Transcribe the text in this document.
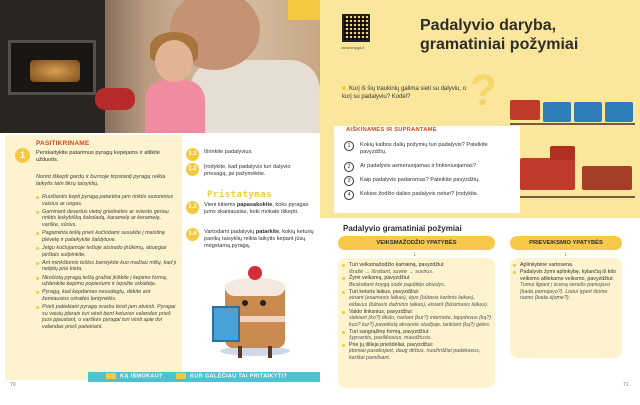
1
PASITIKRINAME
Perskaitykite patarimus pyragų kepėjams ir atlikite užduotis.
Norint iškepti gardų ir burnoje tirpstantį pyragą reikia laikytis tam tikrų taisyklių.
Ruošiantis kepti pyragą patartina jam rinktis sezoninius vaisius ar uogas.
Gaminant desertus vietoj grietinėlės ar sviesto geriau rinktis kokybišką šokoladą, karamelę ar keramelę, varške, sūrius.
Pagaminta tešlą prieš kočiodami susukite į maistinę plėvelę ir palaikykite šaldytuve.
Jeigu kočiojamoje tešloje atsirado įtrūkimų, atsargiai pirštais sulipinkite.
Ant minkštomis tešlos barstykite kuo mažiau miltų, kad ji neliptų prie kieta.
Nkočiotą pyragą tešlą gražiai įkiškite į kepimo formą, uždenkite kepimo popieriumi ir lepslite orkaitėje.
Pyragą, kad kepdamas nesudegtų, dėkite ant žemiausios orkaitės lentynėlės.
Prieš patiekiant pyragą svarbu leisti jam atvėsti. Pyragai su vaisių įdarais turi vėsti bent keturias valandas prieš juos pjaustant, o varškės pyragai turi vėsti apie dvi valandas prieš patiekiant.
1.1	Išrinkite padalyvius.
1.2	Įrodykite, kad padalyvis turi dalyvio priesagą, jai pažymėkite.
1.3	Vieni kitiems papasakokite, koks pyragas jums skaniausias, koki mokate iškepti.
1.4	Vartodami padalyvių patarkite, kokių keturių panikų taisyklių reikia laikytis kepant jūsų mėgstamą pyragą.
Pristatymas
KĄ IŠMOKAU?	KUR GALĖČIAU TAI PRITAIKYTI?
70
www.knyga.lt
Padalyvio daryba,
gramatiniai požymiai
?
Kurį iš šių traukinių galima sieti su dalyviu, o kurį su padalyviu? Kodėl?
AIŠKINAMĖS IR SUPRANTAME
1	Kokių kalbos dalių požymių turi padalyvis? Pateikite pavyzdžių.
2	Ar padalyvis asmenuojamas ir linksniuojamas?
3	Kaip padalyvis padaromas? Pateikite pavyzdžių.
4	Kokios žodžio dalies padalyvis neturi? Įrodykite.
Padalyvio gramatiniai požymiai
VEIKSMAŽODŽIO YPATYBĖS
↓
Turi veiksmažodžio kamieną, pavyzdžiui:
išrašė → išrašant, suvirė → suvirus.
Žymi veiksmą, pavyzdžiui:
Beskaitant knygą sode papūtėjo obuolys.
Turi keturis laikus, pavyzdžiui:
einant (esamasis laikas), ėjus (būtasis kartinis laikas), eidavus (būtasis dažninis laikas), eisiant (būsimasis laikas).
Valdo linksnius, pavyzdžiui:
siekiant (ko?) tikslo, narlant (kur?) internete, tapydavus (ką?) kuo? kur?) paveikslą akvarele studijoje, lankiant (ką?) gėles.
Turi sangrąžinę formą, pavyzdžiui:
šypsantis, pasilikasius, maudžiusis.
Prie jų išlieja priešdėliai, pavyzdžiui:
įdomiai pasakojant, daug dirbus, nuožirdžiai padėkavus, karštai pamilsant.
PRIEVEIKSMIO YPATYBĖS
↓
Aplinkybinė vartosena.
Padalyvis žymi aplinkybę, kylančią iš kito veiksmo atliekamo veiksmo, pavyzdžiui:
Tomui ilgiant į sceną senelis pamojavo (kada pamojavo?). Lietui lyjant išome namo (kada ėjome?).
71
